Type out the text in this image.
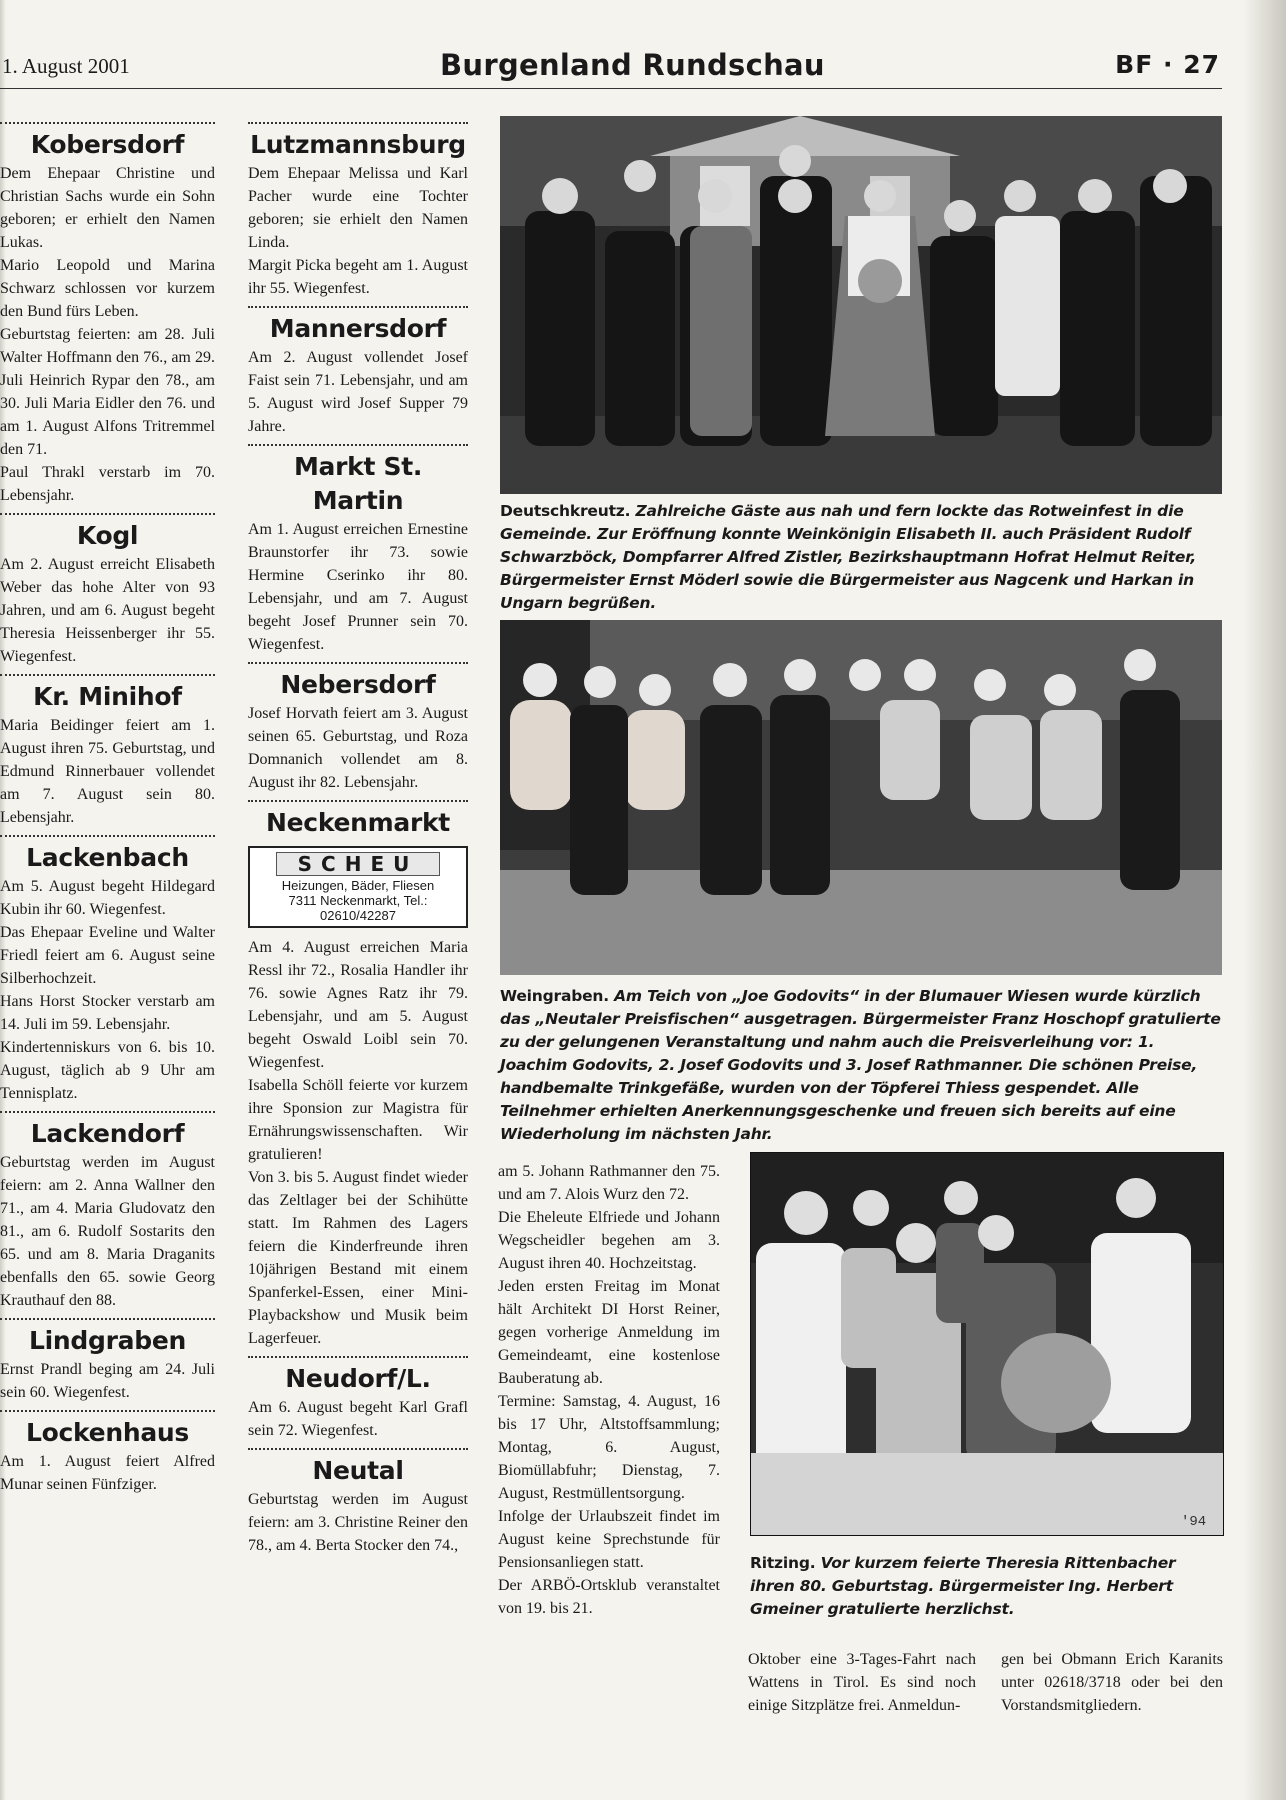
1. August 2001	Burgenland Rundschau	BF · 27
Kobersdorf

Dem Ehepaar Christine und Christian Sachs wurde ein Sohn geboren; er erhielt den Namen Lukas.

Mario Leopold und Marina Schwarz schlossen vor kurzem den Bund fürs Leben.

Geburtstag feierten: am 28. Juli Walter Hoffmann den 76., am 29. Juli Heinrich Rypar den 78., am 30. Juli Maria Eidler den 76. und am 1. August Alfons Tritremmel den 71.

Paul Thrakl verstarb im 70. Lebensjahr.

Kogl

Am 2. August erreicht Elisabeth Weber das hohe Alter von 93 Jahren, und am 6. August begeht Theresia Heissenberger ihr 55. Wiegenfest.

Kr. Minihof

Maria Beidinger feiert am 1. August ihren 75. Geburtstag, und Edmund Rinnerbauer vollendet am 7. August sein 80. Lebensjahr.

Lackenbach

Am 5. August begeht Hildegard Kubin ihr 60. Wiegenfest.

Das Ehepaar Eveline und Walter Friedl feiert am 6. August seine Silberhochzeit.

Hans Horst Stocker verstarb am 14. Juli im 59. Lebensjahr.

Kindertenniskurs von 6. bis 10. August, täglich ab 9 Uhr am Tennisplatz.

Lackendorf

Geburtstag werden im August feiern: am 2. Anna Wallner den 71., am 4. Maria Gludovatz den 81., am 6. Rudolf Sostarits den 65. und am 8. Maria Draganits ebenfalls den 65. sowie Georg Krauthauf den 88.

Lindgraben

Ernst Prandl beging am 24. Juli sein 60. Wiegenfest.

Lockenhaus

Am 1. August feiert Alfred Munar seinen Fünfziger.

Lutzmannsburg

Dem Ehepaar Melissa und Karl Pacher wurde eine Tochter geboren; sie erhielt den Namen Linda.

Margit Picka begeht am 1. August ihr 55. Wiegenfest.

Mannersdorf

Am 2. August vollendet Josef Faist sein 71. Lebensjahr, und am 5. August wird Josef Supper 79 Jahre.

Markt St. Martin

Am 1. August erreichen Ernestine Braunstorfer ihr 73. sowie Hermine Cserinko ihr 80. Lebensjahr, und am 7. August begeht Josef Prunner sein 70. Wiegenfest.

Nebersdorf

Josef Horvath feiert am 3. August seinen 65. Geburtstag, und Roza Domnanich vollendet am 8. August ihr 82. Lebensjahr.

Neckenmarkt
SCHEU
Heizungen, Bäder, Fliesen
7311 Neckenmarkt, Tel.: 02610/42287

Am 4. August erreichen Maria Ressl ihr 72., Rosalia Handler ihr 76. sowie Agnes Ratz ihr 79. Lebensjahr, und am 5. August begeht Oswald Loibl sein 70. Wiegenfest.

Isabella Schöll feierte vor kurzem ihre Sponsion zur Magistra für Ernährungswissenschaften. Wir gratulieren!

Von 3. bis 5. August findet wieder das Zeltlager bei der Schihütte statt. Im Rahmen des Lagers feiern die Kinderfreunde ihren 10jährigen Bestand mit einem Spanferkel-Essen, einer Mini-Playbackshow und Musik beim Lagerfeuer.

Neudorf/L.

Am 6. August begeht Karl Grafl sein 72. Wiegenfest.

Neutal

Geburtstag werden im August feiern: am 3. Christine Reiner den 78., am 4. Berta Stocker den 74.,

Deutschkreutz. Zahlreiche Gäste aus nah und fern lockte das Rotweinfest in die Gemeinde. Zur Eröffnung konnte Weinkönigin Elisabeth II. auch Präsident Rudolf Schwarzböck, Dompfarrer Alfred Zistler, Bezirkshauptmann Hofrat Helmut Reiter, Bürgermeister Ernst Möderl sowie die Bürgermeister aus Nagcenk und Harkan in Ungarn begrüßen.
Weingraben. Am Teich von „Joe Godovits“ in der Blumauer Wiesen wurde kürzlich das „Neutaler Preisfischen“ ausgetragen. Bürgermeister Franz Hoschopf gratulierte zu der gelungenen Veranstaltung und nahm auch die Preisverleihung vor: 1. Joachim Godovits, 2. Josef Godovits und 3. Josef Rathmanner. Die schönen Preise, handbemalte Trinkgefäße, wurden von der Töpferei Thiess gespendet. Alle Teilnehmer erhielten Anerkennungsgeschenke und freuen sich bereits auf eine Wiederholung im nächsten Jahr.

am 5. Johann Rathmanner den 75. und am 7. Alois Wurz den 72.

Die Eheleute Elfriede und Johann Wegscheidler begehen am 3. August ihren 40. Hochzeitstag.

Jeden ersten Freitag im Monat hält Architekt DI Horst Reiner, gegen vorherige Anmeldung im Gemeindeamt, eine kostenlose Bauberatung ab.

Termine: Samstag, 4. August, 16 bis 17 Uhr, Altstoffsammlung; Montag, 6. August, Biomüllabfuhr; Dienstag, 7. August, Restmüllentsorgung.

Infolge der Urlaubszeit findet im August keine Sprechstunde für Pensionsanliegen statt.

Der ARBÖ-Ortsklub veranstaltet von 19. bis 21.

'94
Ritzing. Vor kurzem feierte Theresia Rittenbacher ihren 80. Geburtstag. Bürgermeister Ing. Herbert Gmeiner gratulierte herzlichst.
Oktober eine 3-Tages-Fahrt nach Wattens in Tirol. Es sind noch einige Sitzplätze frei. Anmeldun-
gen bei Obmann Erich Karanits unter 02618/3718 oder bei den Vorstandsmitgliedern.
